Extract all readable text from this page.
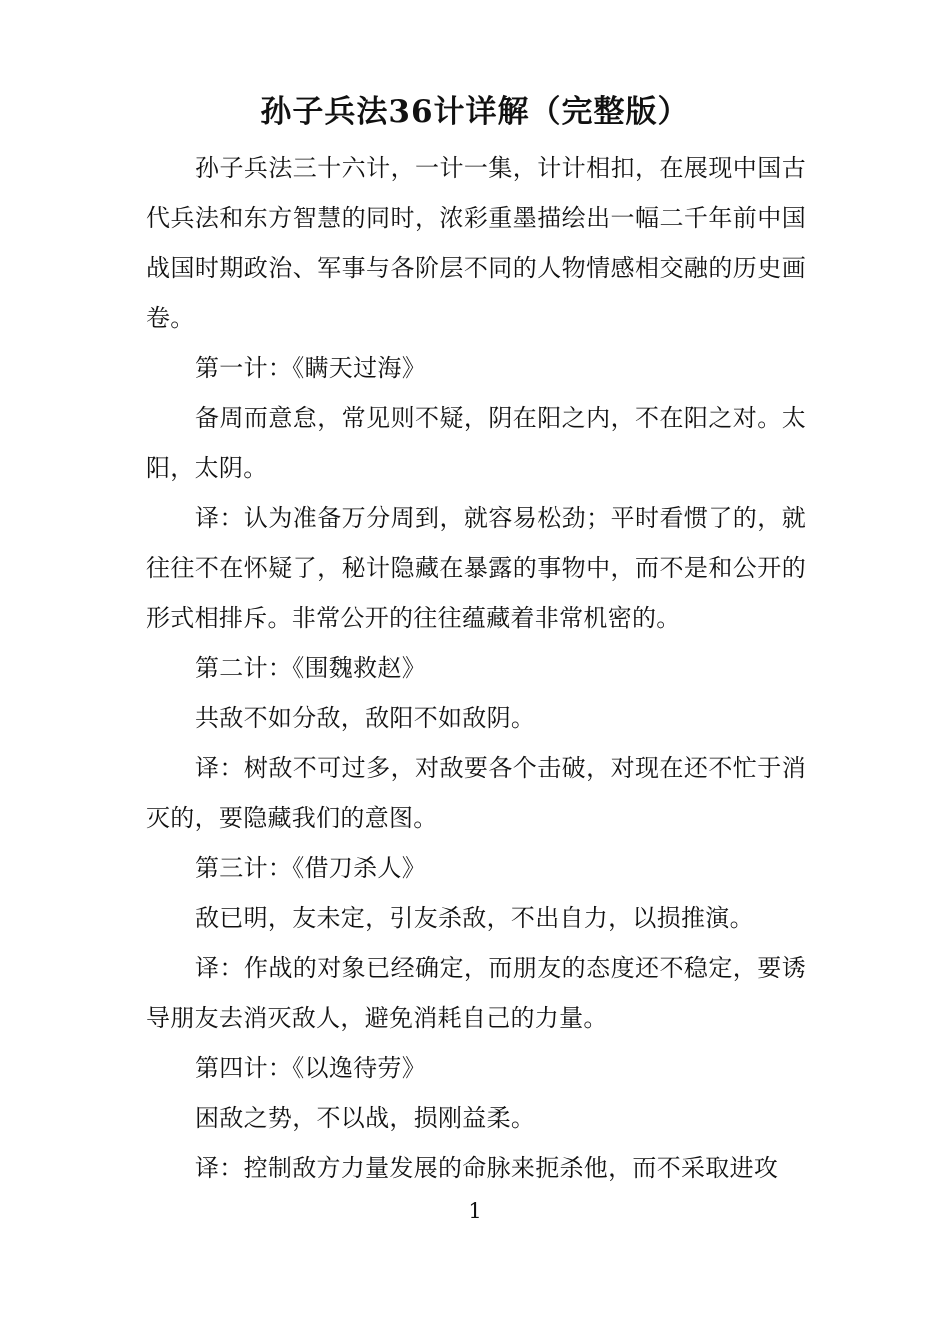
孙子兵法36计详解（完整版）

孙子兵法三十六计，一计一集，计计相扣，在展现中国古代兵法和东方智慧的同时，浓彩重墨描绘出一幅二千年前中国战国时期政治、军事与各阶层不同的人物情感相交融的历史画卷。

第一计：《瞒天过海》

备周而意怠，常见则不疑，阴在阳之内，不在阳之对。太阳，太阴。

译：认为准备万分周到，就容易松劲；平时看惯了的，就往往不在怀疑了，秘计隐藏在暴露的事物中，而不是和公开的形式相排斥。非常公开的往往蕴藏着非常机密的。

第二计：《围魏救赵》

共敌不如分敌，敌阳不如敌阴。

译：树敌不可过多，对敌要各个击破，对现在还不忙于消灭的，要隐藏我们的意图。

第三计：《借刀杀人》

敌已明，友未定，引友杀敌，不出自力，以损推演。

译：作战的对象已经确定，而朋友的态度还不稳定，要诱导朋友去消灭敌人，避免消耗自己的力量。

第四计：《以逸待劳》

困敌之势，不以战，损刚益柔。

译：控制敌方力量发展的命脉来扼杀他，而不采取进攻

1
